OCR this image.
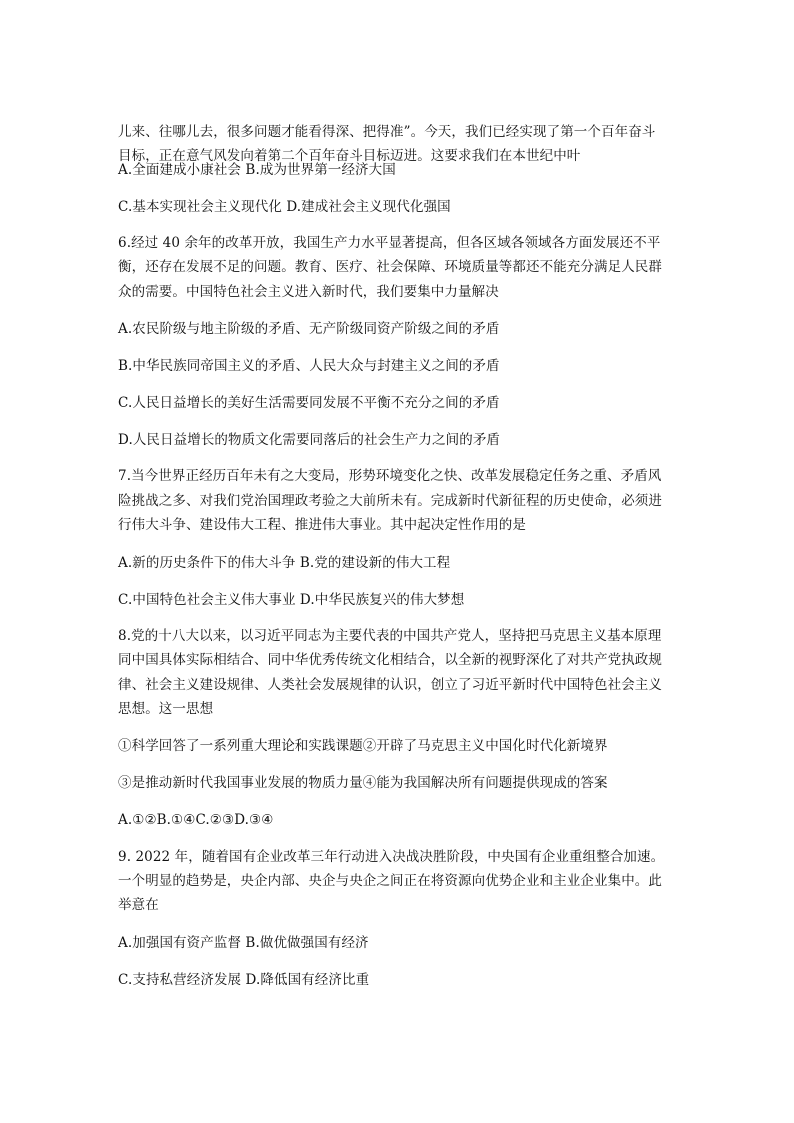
儿来、往哪儿去，很多问题才能看得深、把得准”。今天，我们已经实现了第一个百年奋斗
目标，正在意气风发向着第二个百年奋斗目标迈进。这要求我们在本世纪中叶
A.全面建成小康社会 B.成为世界第一经济大国
C.基本实现社会主义现代化 D.建成社会主义现代化强国
6.经过 40 余年的改革开放，我国生产力水平显著提高，但各区域各领域各方面发展还不平
衡，还存在发展不足的问题。教育、医疗、社会保障、环境质量等都还不能充分满足人民群
众的需要。中国特色社会主义进入新时代，我们要集中力量解决
A.农民阶级与地主阶级的矛盾、无产阶级同资产阶级之间的矛盾
B.中华民族同帝国主义的矛盾、人民大众与封建主义之间的矛盾
C.人民日益增长的美好生活需要同发展不平衡不充分之间的矛盾
D.人民日益增长的物质文化需要同落后的社会生产力之间的矛盾
7.当今世界正经历百年未有之大变局，形势环境变化之快、改革发展稳定任务之重、矛盾风
险挑战之多、对我们党治国理政考验之大前所未有。完成新时代新征程的历史使命，必须进
行伟大斗争、建设伟大工程、推进伟大事业。其中起决定性作用的是
A.新的历史条件下的伟大斗争 B.党的建设新的伟大工程
C.中国特色社会主义伟大事业 D.中华民族复兴的伟大梦想
8.党的十八大以来，以习近平同志为主要代表的中国共产党人，坚持把马克思主义基本原理
同中国具体实际相结合、同中华优秀传统文化相结合，以全新的视野深化了对共产党执政规
律、社会主义建设规律、人类社会发展规律的认识，创立了习近平新时代中国特色社会主义
思想。这一思想
①科学回答了一系列重大理论和实践课题②开辟了马克思主义中国化时代化新境界
③是推动新时代我国事业发展的物质力量④能为我国解决所有问题提供现成的答案
A.①②B.①④C.②③D.③④
9. 2022 年，随着国有企业改革三年行动进入决战决胜阶段，中央国有企业重组整合加速。
一个明显的趋势是，央企内部、央企与央企之间正在将资源向优势企业和主业企业集中。此
举意在
A.加强国有资产监督 B.做优做强国有经济
C.支持私营经济发展 D.降低国有经济比重
